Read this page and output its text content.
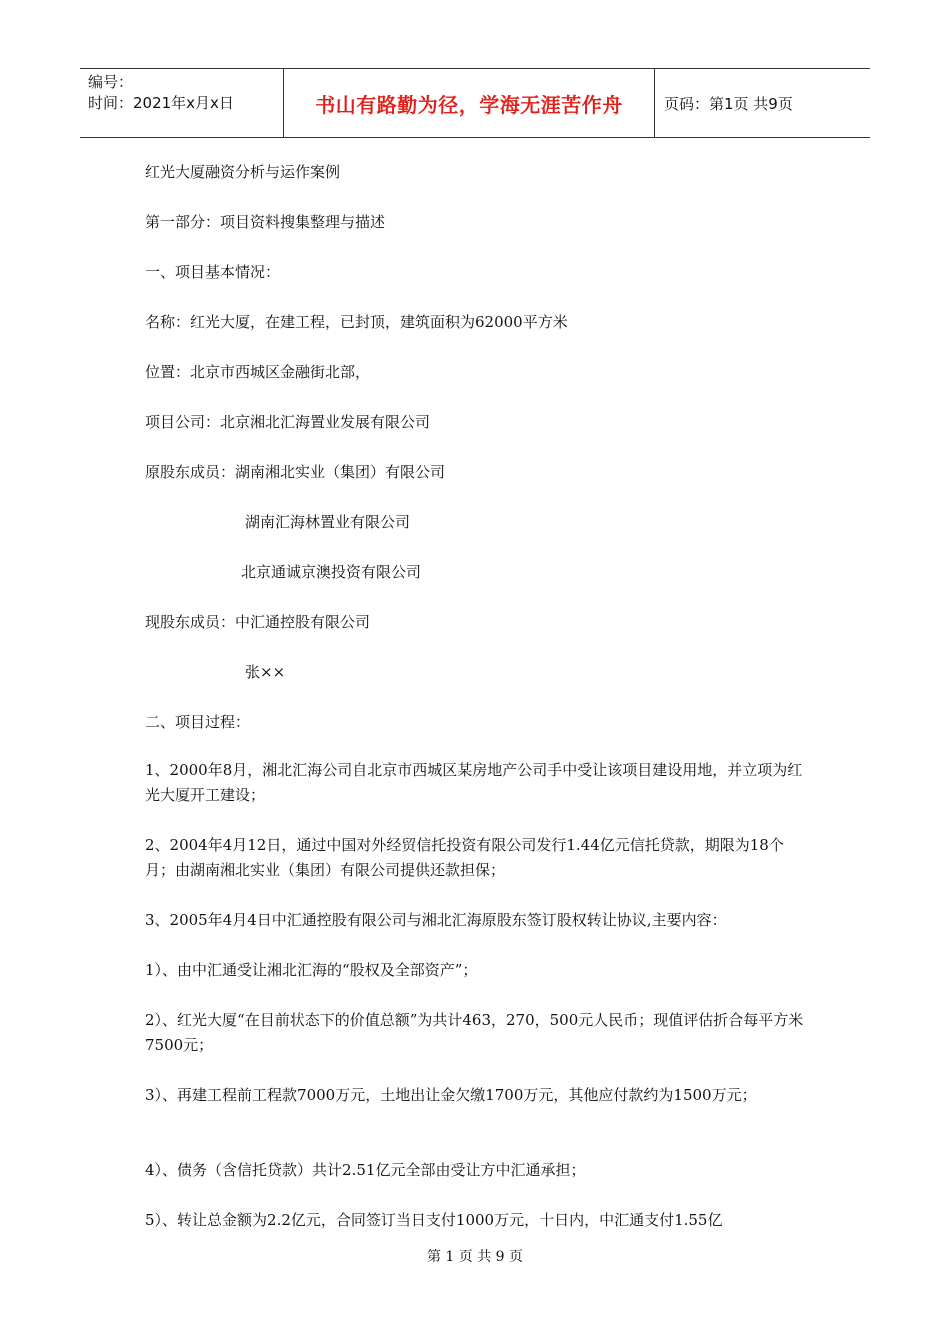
编号：
时间：2021年x月x日	书山有路勤为径，学海无涯苦作舟	页码：第1页 共9页

红光大厦融资分析与运作案例

第一部分：项目资料搜集整理与描述

一、项目基本情况：

名称：红光大厦，在建工程，已封顶，建筑面积为62000平方米

位置：北京市西城区金融街北部，

项目公司：北京湘北汇海置业发展有限公司

原股东成员：湖南湘北实业（集团）有限公司

湖南汇海林置业有限公司

北京通诚京澳投资有限公司

现股东成员：中汇通控股有限公司

张××

二、项目过程：

1、2000年8月，湘北汇海公司自北京市西城区某房地产公司手中受让该项目建设用地，并立项为红光大厦开工建设；

2、2004年4月12日，通过中国对外经贸信托投资有限公司发行1.44亿元信托贷款，期限为18个月；由湖南湘北实业（集团）有限公司提供还款担保；

3、2005年4月4日中汇通控股有限公司与湘北汇海原股东签订股权转让协议,主要内容：

1）、由中汇通受让湘北汇海的“股权及全部资产”；

2）、红光大厦“在目前状态下的价值总额”为共计463，270，500元人民币；现值评估折合每平方米7500元；

3）、再建工程前工程款7000万元，土地出让金欠缴1700万元，其他应付款约为1500万元；

4）、债务（含信托贷款）共计2.51亿元全部由受让方中汇通承担；

5）、转让总金额为2.2亿元，合同签订当日支付1000万元，十日内，中汇通支付1.55亿

第 1 页 共 9 页
